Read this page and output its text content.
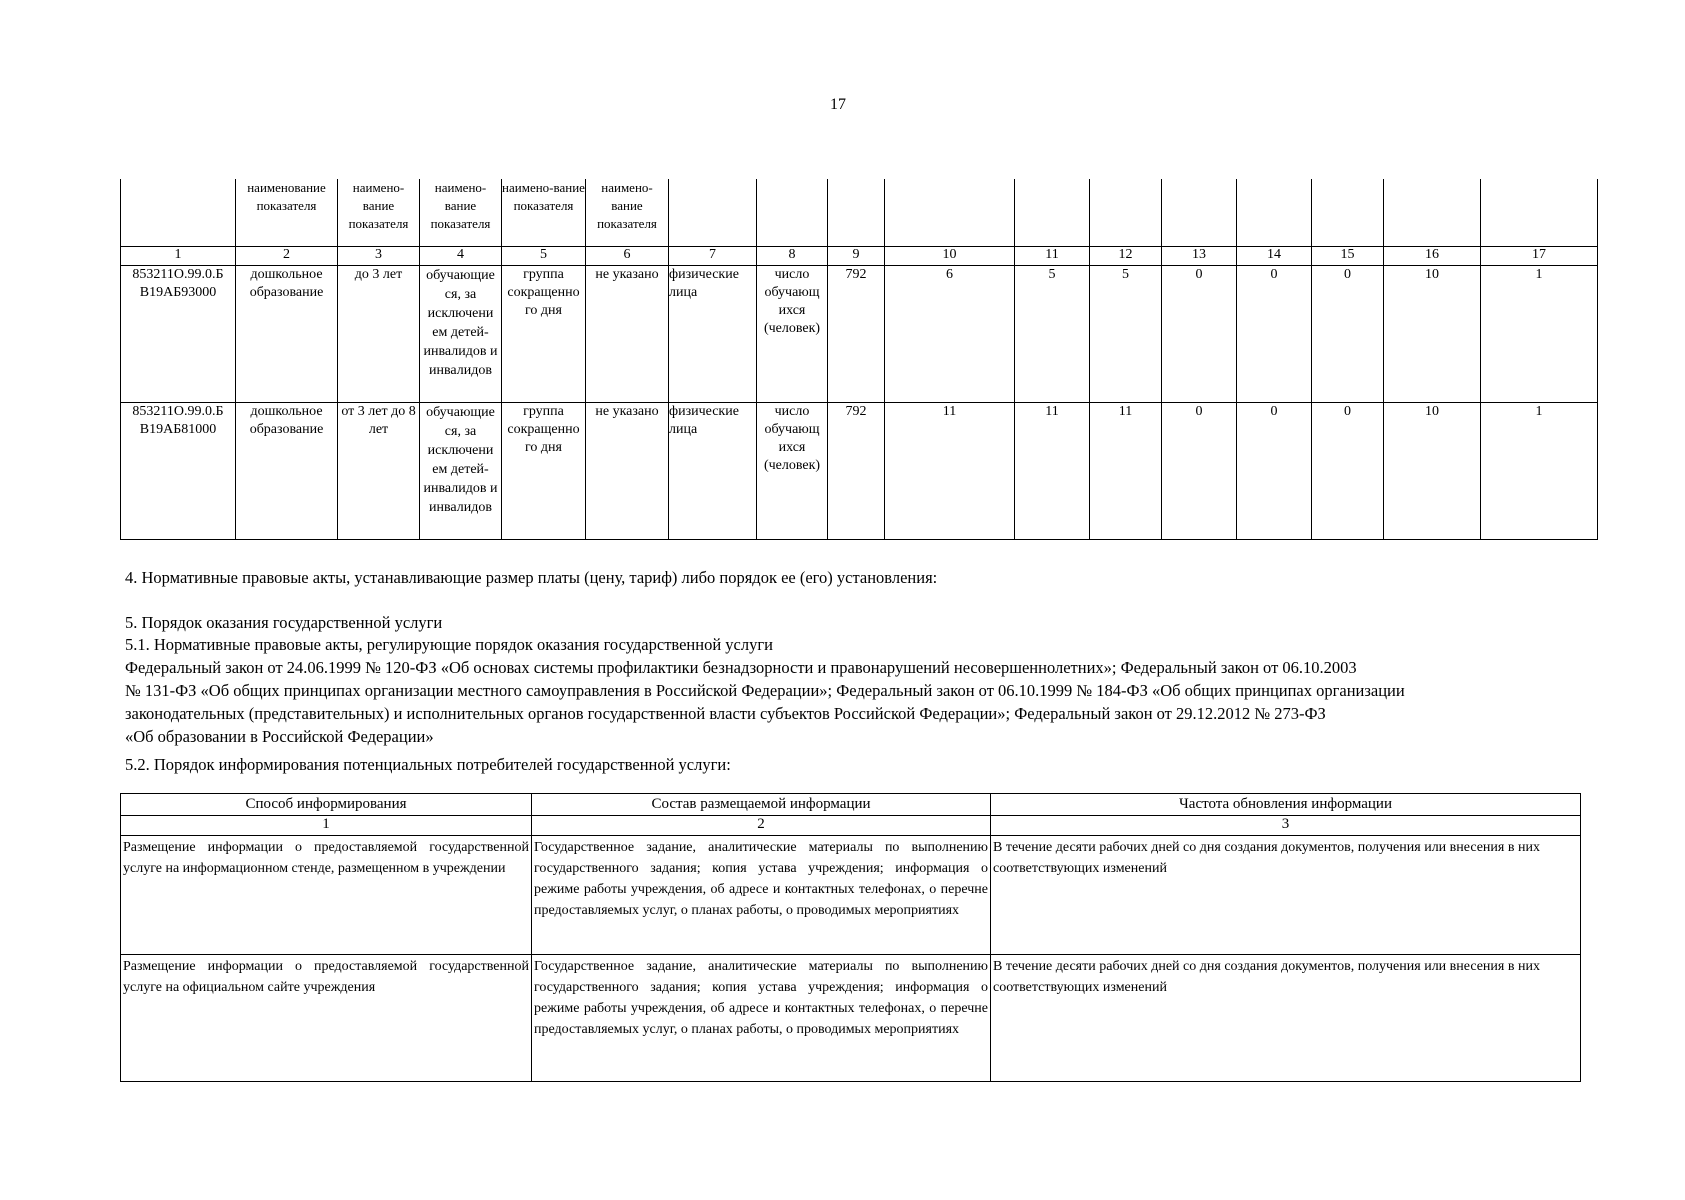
17
	наименование показателя	наимено-вание показателя	наимено-вание показателя	наимено-вание показателя	наимено-вание показателя											
1	2	3	4	5	6	7	8	9	10	11	12	13	14	15	16	17
853211О.99.0.Б В19АБ93000	дошкольное образование	до 3 лет	обучающие ся, за исключени ем детей-инвалидов и инвалидов	группа сокращенно го дня	не указано	физические лица	число обучающ ихся (человек)	792	6	5	5	0	0	0	10	1
853211О.99.0.Б В19АБ81000	дошкольное образование	от 3 лет до 8 лет	обучающие ся, за исключени ем детей-инвалидов и инвалидов	группа сокращенно го дня	не указано	физические лица	число обучающ ихся (человек)	792	11	11	11	0	0	0	10	1
4. Нормативные правовые акты, устанавливающие размер платы (цену, тариф) либо порядок ее (его) установления:
5. Порядок оказания государственной услуги
5.1. Нормативные правовые акты, регулирующие порядок оказания государственной услуги
Федеральный закон от 24.06.1999 № 120-ФЗ «Об основах системы профилактики безнадзорности и правонарушений несовершеннолетних»; Федеральный закон от 06.10.2003
№ 131-ФЗ «Об общих принципах организации местного самоуправления в Российской Федерации»; Федеральный закон от 06.10.1999 № 184-ФЗ «Об общих принципах организации
законодательных (представительных) и исполнительных органов государственной власти субъектов Российской Федерации»; Федеральный закон от 29.12.2012 № 273-ФЗ
«Об образовании в Российской Федерации»
5.2. Порядок информирования потенциальных потребителей государственной услуги:
Способ информирования	Состав размещаемой информации	Частота обновления информации
1	2	3
Размещение информации о предоставляемой государственной услуге на информационном стенде, размещенном в учреждении	Государственное задание, аналитические материалы по выполнению государственного задания; копия устава учреждения; информация о режиме работы учреждения, об адресе и контактных телефонах, о перечне предоставляемых услуг, о планах работы, о проводимых мероприятиях	В течение десяти рабочих дней со дня создания документов, получения или внесения в них соответствующих изменений
Размещение информации о предоставляемой государственной услуге на официальном сайте учреждения	Государственное задание, аналитические материалы по выполнению государственного задания; копия устава учреждения; информация о режиме работы учреждения, об адресе и контактных телефонах, о перечне предоставляемых услуг, о планах работы, о проводимых мероприятиях	В течение десяти рабочих дней со дня создания документов, получения или внесения в них соответствующих изменений
